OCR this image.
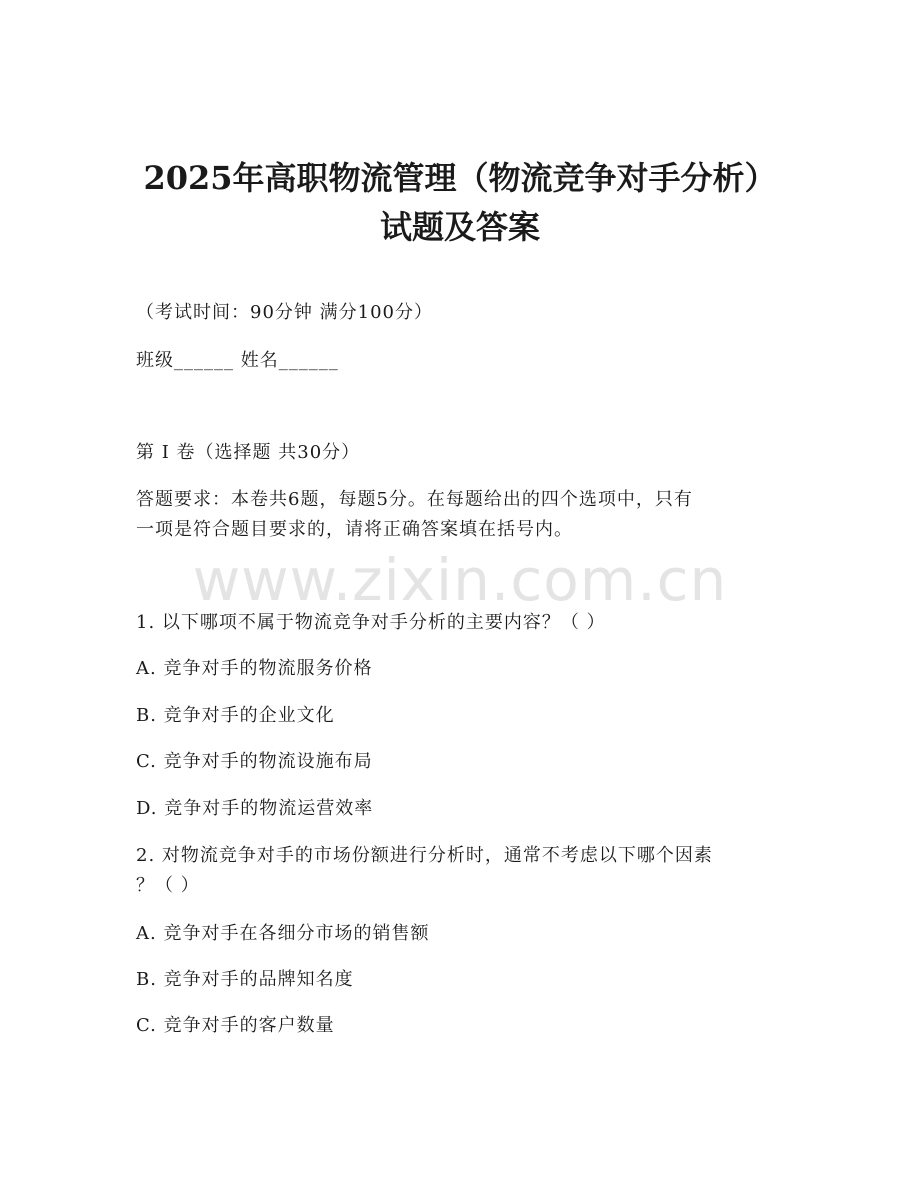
www.zixin.com.cn
2025年高职物流管理（物流竞争对手分析）
试题及答案
（考试时间：90分钟 满分100分）
班级______ 姓名______
第 I 卷（选择题 共30分）
答题要求：本卷共6题，每题5分。在每题给出的四个选项中，只有
一项是符合题目要求的，请将正确答案填在括号内。
1. 以下哪项不属于物流竞争对手分析的主要内容？（ ）
A. 竞争对手的物流服务价格
B. 竞争对手的企业文化
C. 竞争对手的物流设施布局
D. 竞争对手的物流运营效率
2. 对物流竞争对手的市场份额进行分析时，通常不考虑以下哪个因素
？（ ）
A. 竞争对手在各细分市场的销售额
B. 竞争对手的品牌知名度
C. 竞争对手的客户数量
